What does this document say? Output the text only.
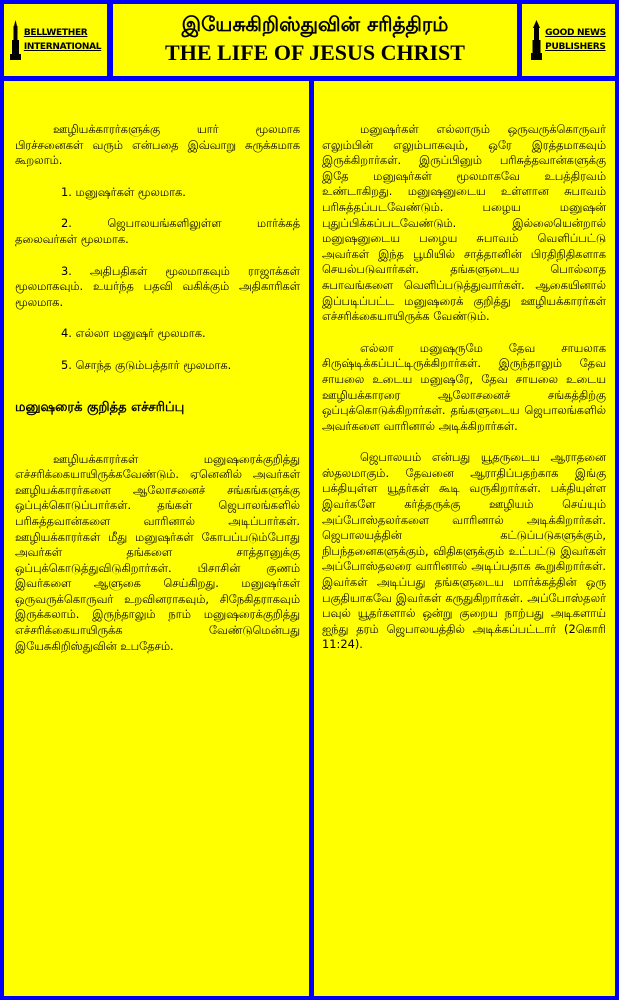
BELLWETHER
INTERNATIONAL
இயேசுகிறிஸ்துவின் சரித்திரம்
THE LIFE OF JESUS CHRIST
GOOD NEWS
PUBLISHERS

ஊழியக்காரர்களுக்கு யார் மூலமாக பிரச்சனைகள் வரும் என்பதை இவ்வாறு சுருக்கமாக கூறலாம்.

1. மனுஷர்கள் மூலமாக.

2. ஜெபாலயங்களிலுள்ள மார்க்கத் தலைவர்கள் மூலமாக.

3. அதிபதிகள் மூலமாகவும் ராஜாக்கள் மூலமாகவும். உயர்ந்த பதவி வகிக்கும் அதிகாரிகள் மூலமாக.

4. எல்லா மனுஷர் மூலமாக.

5. சொந்த குடும்பத்தார் மூலமாக.

மனுஷரைக் குறித்த எச்சரிப்பு

ஊழியக்காரர்கள் மனுஷரைக்குறித்து எச்சரிக்கையாயிருக்கவேண்டும். ஏனெனில் அவர்கள் ஊழியக்காரர்களை ஆலோசனைச் சங்கங்களுக்கு ஒப்புக்கொடுப்பார்கள். தங்கள் ஜெபாலங்களில் பரிசுத்தவான்களை வாரினால் அடிப்பார்கள். ஊழியக்காரர்கள் மீது மனுஷர்கள் கோபப்படும்போது அவர்கள் தங்களை சாத்தானுக்கு ஒப்புக்கொடுத்துவிடுகிறார்கள். பிசாசின் குணம் இவர்களை ஆளுகை செய்கிறது. மனுஷர்கள் ஒருவருக்கொருவர் உறவினராகவும், சிநேகிதராகவும் இருக்கலாம். இருந்தாலும் நாம் மனுஷரைக்குறித்து எச்சரிக்கையாயிருக்க வேண்டுமென்பது இயேசுகிறிஸ்துவின் உபதேசம்.

மனுஷர்கள் எல்லாரும் ஒருவருக்கொருவர் எலும்பின் எலும்பாகவும், ஒரே இரத்தமாகவும் இருக்கிறார்கள். இருப்பினும் பரிசுத்தவான்களுக்கு இதே மனுஷர்கள் மூலமாகவே உபத்திரவம் உண்டாகிறது. மனுஷனுடைய உள்ளான சுபாவம் பரிசுத்தப்படவேண்டும். பழைய மனுஷன் புதுப்பிக்கப்படவேண்டும். இல்லையென்றால் மனுஷனுடைய பழைய சுபாவம் வெளிப்பட்டு அவர்கள் இந்த பூமியில் சாத்தானின் பிரதிநிதிகளாக செயல்படுவார்கள். தங்களுடைய பொல்லாத சுபாவங்களை வெளிப்படுத்துவார்கள். ஆகையினால் இப்படிப்பட்ட மனுஷரைக் குறித்து ஊழியக்காரர்கள் எச்சரிக்கையாயிருக்க வேண்டும்.

எல்லா மனுஷருமே தேவ சாயலாக சிருஷ்டிக்கப்பட்டிருக்கிறார்கள். இருந்தாலும் தேவ சாயலை உடைய மனுஷரே, தேவ சாயலை உடைய ஊழியக்காரரை ஆலோசனைச் சங்கத்திற்கு ஒப்புக்கொடுக்கிறார்கள். தங்களுடைய ஜெபாலங்களில் அவர்களை வாரினால் அடிக்கிறார்கள்.

ஜெபாலயம் என்பது யூதருடைய ஆராதனை ஸ்தலமாகும். தேவனை ஆராதிப்பதற்காக இங்கு பக்தியுள்ள யூதர்கள் கூடி வருகிறார்கள். பக்தியுள்ள இவர்களே கர்த்தருக்கு ஊழியம் செய்யும் அப்போஸ்தலர்களை வாரினால் அடிக்கிறார்கள். ஜெபாலயத்தின் கட்டுப்படுகளுக்கும், நிபந்தனைகளுக்கும், விதிகளுக்கும் உட்பட்டு இவர்கள் அப்போஸ்தலரை வாரினால் அடிப்பதாக கூறுகிறார்கள். இவர்கள் அடிப்பது தங்களுடைய மார்க்கத்தின் ஒரு பகுதியாகவே இவர்கள் கருதுகிறார்கள். அப்போஸ்தலர் பவுல் யூதர்களால் ஒன்று குறைய நாற்பது அடிகளாய் ஐந்து தரம் ஜெபாலயத்தில் அடிக்கப்பட்டார் (2கொரி 11:24).
